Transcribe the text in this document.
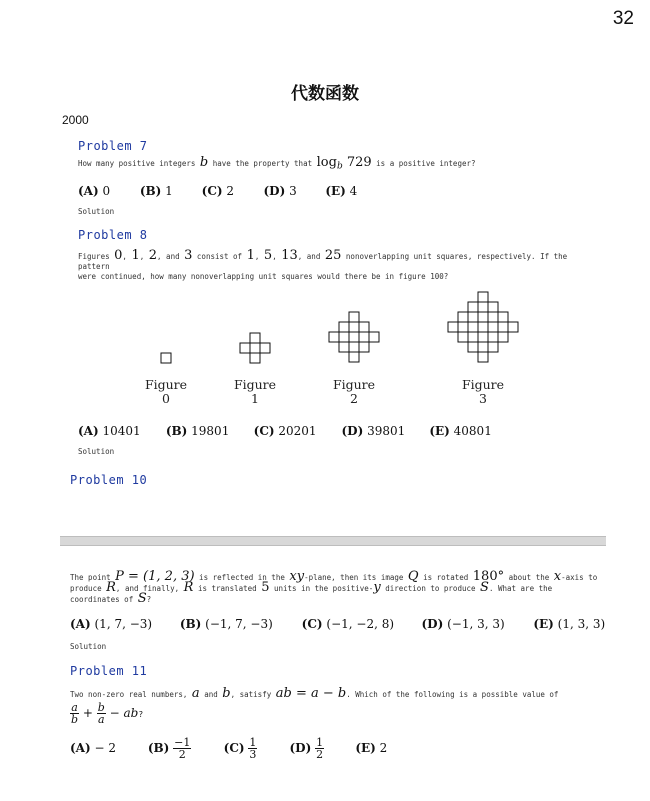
32
代数函数
2000
Problem 7
How many positive integers b have the property that $\log_b 729$ is a positive integer?
(A) 0 (B) 1 (C) 2 (D) 3 (E) 4
Solution
Problem 8
Figures 0, 1, 2, and 3 consist of 1, 5, 13, and 25 nonoverlapping unit squares, respectively. If the pattern
were continued, how many nonoverlapping unit squares would there be in figure 100?
Figure
0
Figure
1
Figure
2
Figure
3
(A) 10401 (B) 19801 (C) 20201 (D) 39801 (E) 40801
Solution
Problem 10
The point P = (1, 2, 3) is reflected in the xy-plane, then its image Q is rotated 180° about the x-axis to
produce R, and finally, R is translated 5 units in the positive-y direction to produce S. What are the
coordinates of S?
(A) (1, 7, −3) (B) (−1, 7, −3) (C) (−1, −2, 8) (D) (−1, 3, 3) (E) (1, 3, 3)
Solution
Problem 11
Two non-zero real numbers, a and b, satisfy ab = a − b. Which of the following is a possible value of
$\frac{a}{b} + \frac{b}{a}$ − ab?
(A) − 2	$(B) \frac{-1}{2}$	$(C) \frac{1}{3}$	$(D) \frac{1}{2}$	(E) 2
